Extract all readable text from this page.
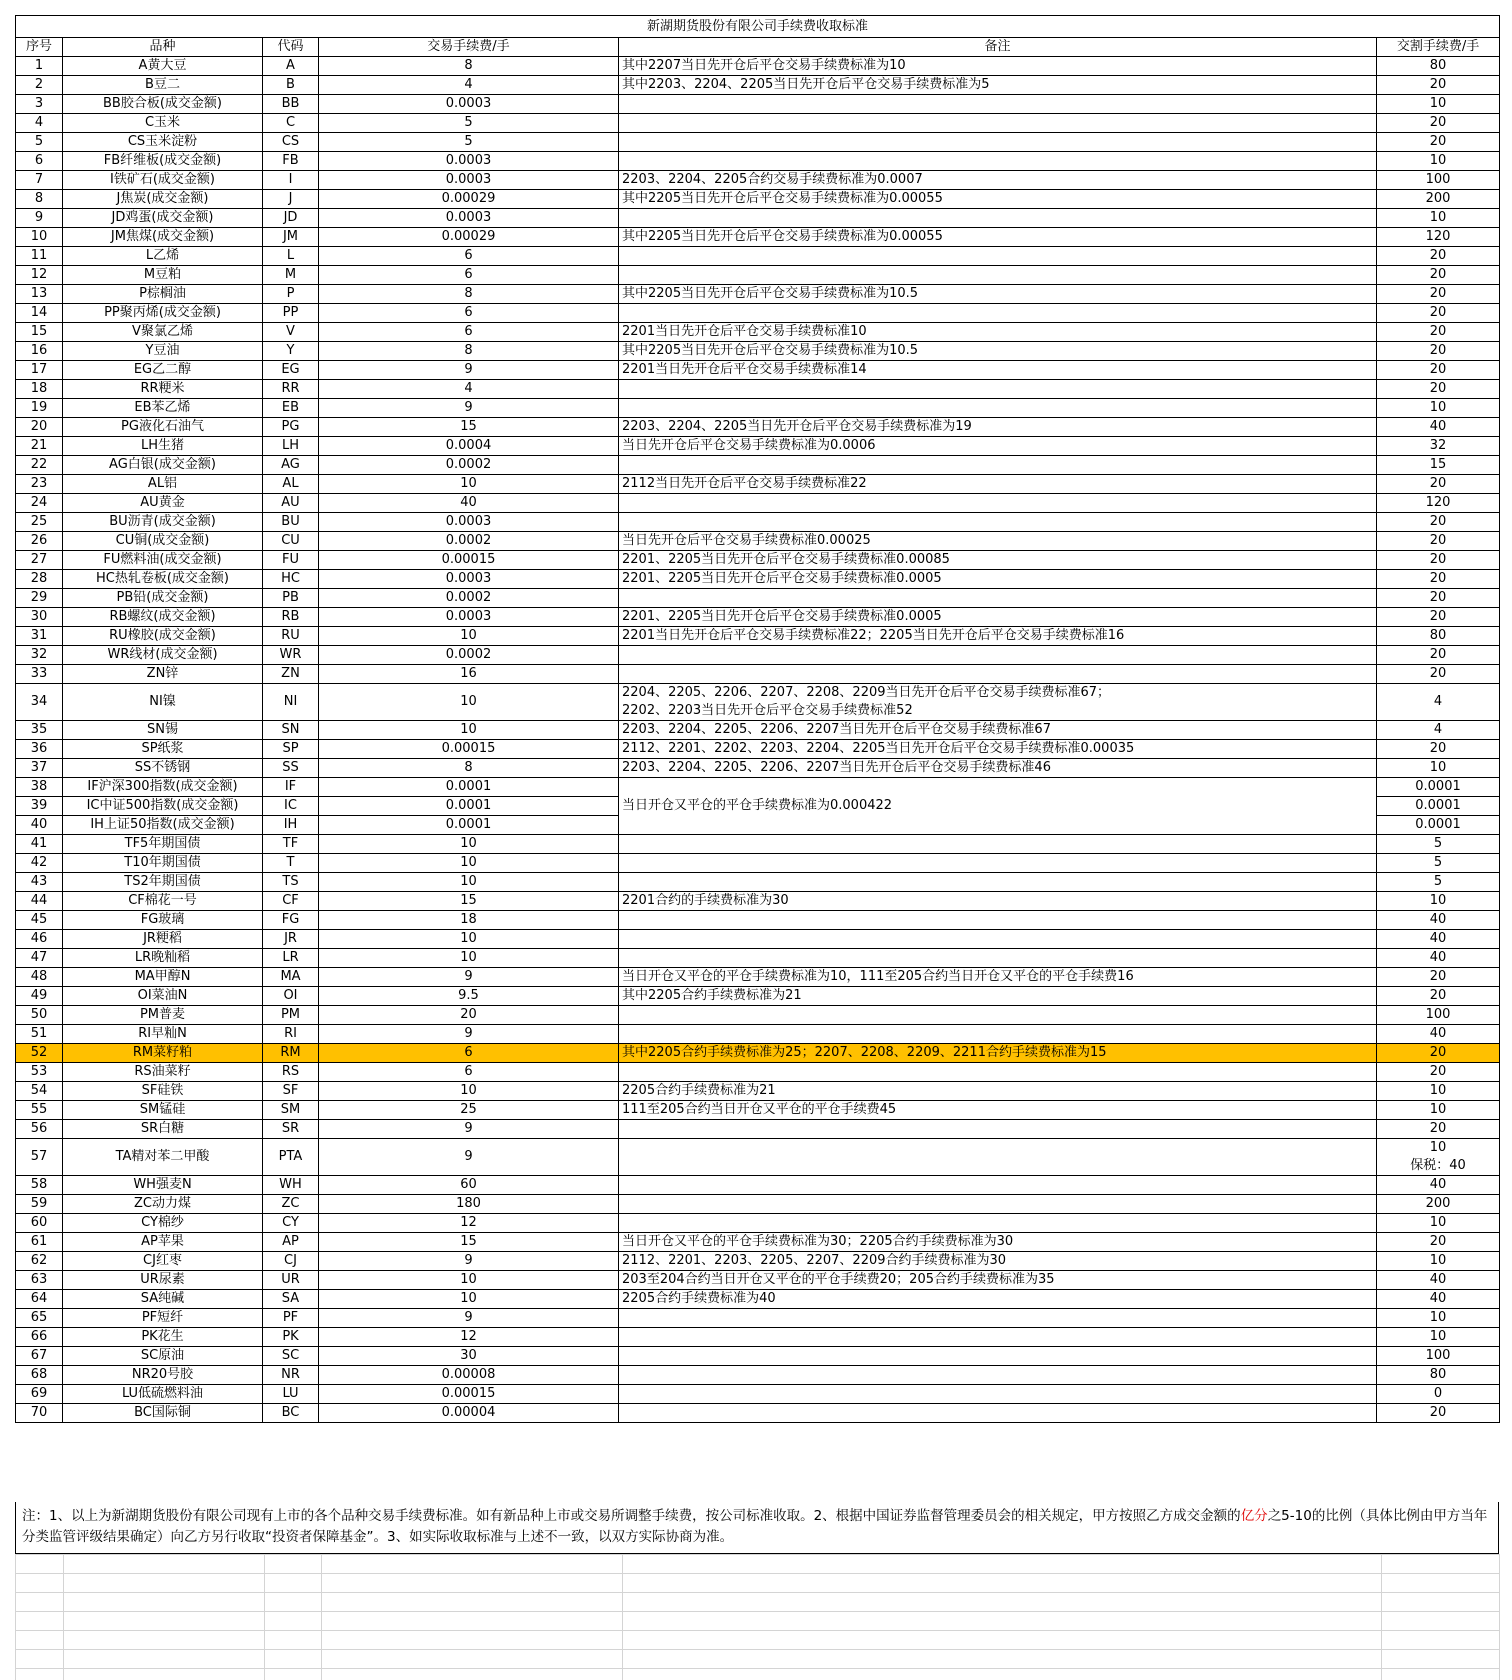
新湖期货股份有限公司手续费收取标准					
序号	品种	代码	交易手续费/手	备注	交割手续费/手
1	A黄大豆	A	8	其中2207当日先开仓后平仓交易手续费标准为10	80
2	B豆二	B	4	其中2203、2204、2205当日先开仓后平仓交易手续费标准为5	20
3	BB胶合板(成交金额)	BB	0.0003		10
4	C玉米	C	5		20
5	CS玉米淀粉	CS	5		20
6	FB纤维板(成交金额)	FB	0.0003		10
7	I铁矿石(成交金额)	I	0.0003	2203、2204、2205合约交易手续费标准为0.0007	100
8	J焦炭(成交金额)	J	0.00029	其中2205当日先开仓后平仓交易手续费标准为0.00055	200
9	JD鸡蛋(成交金额)	JD	0.0003		10
10	JM焦煤(成交金额)	JM	0.00029	其中2205当日先开仓后平仓交易手续费标准为0.00055	120
11	L乙烯	L	6		20
12	M豆粕	M	6		20
13	P棕榈油	P	8	其中2205当日先开仓后平仓交易手续费标准为10.5	20
14	PP聚丙烯(成交金额)	PP	6		20
15	V聚氯乙烯	V	6	2201当日先开仓后平仓交易手续费标准10	20
16	Y豆油	Y	8	其中2205当日先开仓后平仓交易手续费标准为10.5	20
17	EG乙二醇	EG	9	2201当日先开仓后平仓交易手续费标准14	20
18	RR粳米	RR	4		20
19	EB苯乙烯	EB	9		10
20	PG液化石油气	PG	15	2203、2204、2205当日先开仓后平仓交易手续费标准为19	40
21	LH生猪	LH	0.0004	当日先开仓后平仓交易手续费标准为0.0006	32
22	AG白银(成交金额)	AG	0.0002		15
23	AL铝	AL	10	2112当日先开仓后平仓交易手续费标准22	20
24	AU黄金	AU	40		120
25	BU沥青(成交金额)	BU	0.0003		20
26	CU铜(成交金额)	CU	0.0002	当日先开仓后平仓交易手续费标准0.00025	20
27	FU燃料油(成交金额)	FU	0.00015	2201、2205当日先开仓后平仓交易手续费标准0.00085	20
28	HC热轧卷板(成交金额)	HC	0.0003	2201、2205当日先开仓后平仓交易手续费标准0.0005	20
29	PB铅(成交金额)	PB	0.0002		20
30	RB螺纹(成交金额)	RB	0.0003	2201、2205当日先开仓后平仓交易手续费标准0.0005	20
31	RU橡胶(成交金额)	RU	10	2201当日先开仓后平仓交易手续费标准22；2205当日先开仓后平仓交易手续费标准16	80
32	WR线材(成交金额)	WR	0.0002		20
33	ZN锌	ZN	16		20
34	NI镍	NI	10	2204、2205、2206、2207、2208、2209当日先开仓后平仓交易手续费标准67；
2202、2203当日先开仓后平仓交易手续费标准52	4
35	SN锡	SN	10	2203、2204、2205、2206、2207当日先开仓后平仓交易手续费标准67	4
36	SP纸浆	SP	0.00015	2112、2201、2202、2203、2204、2205当日先开仓后平仓交易手续费标准0.00035	20
37	SS不锈钢	SS	8	2203、2204、2205、2206、2207当日先开仓后平仓交易手续费标准46	10
38	IF沪深300指数(成交金额)	IF	0.0001	当日开仓又平仓的平仓手续费标准为0.000422	0.0001
39	IC中证500指数(成交金额)	IC	0.0001		0.0001
40	IH上证50指数(成交金额)	IH	0.0001		0.0001
41	TF5年期国债	TF	10		5
42	T10年期国债	T	10		5
43	TS2年期国债	TS	10		5
44	CF棉花一号	CF	15	2201合约的手续费标准为30	10
45	FG玻璃	FG	18		40
46	JR粳稻	JR	10		40
47	LR晚籼稻	LR	10		40
48	MA甲醇N	MA	9	当日开仓又平仓的平仓手续费标准为10，111至205合约当日开仓又平仓的平仓手续费16	20
49	OI菜油N	OI	9.5	其中2205合约手续费标准为21	20
50	PM普麦	PM	20		100
51	RI早籼N	RI	9		40
52	RM菜籽粕	RM	6	其中2205合约手续费标准为25；2207、2208、2209、2211合约手续费标准为15	20
53	RS油菜籽	RS	6		20
54	SF硅铁	SF	10	2205合约手续费标准为21	10
55	SM锰硅	SM	25	111至205合约当日开仓又平仓的平仓手续费45	10
56	SR白糖	SR	9		20
57	TA精对苯二甲酸	PTA	9		10
保税：40
58	WH强麦N	WH	60		40
59	ZC动力煤	ZC	180		200
60	CY棉纱	CY	12		10
61	AP苹果	AP	15	当日开仓又平仓的平仓手续费标准为30；2205合约手续费标准为30	20
62	CJ红枣	CJ	9	2112、2201、2203、2205、2207、2209合约手续费标准为30	10
63	UR尿素	UR	10	203至204合约当日开仓又平仓的平仓手续费20；205合约手续费标准为35	40
64	SA纯碱	SA	10	2205合约手续费标准为40	40
65	PF短纤	PF	9		10
66	PK花生	PK	12		10
67	SC原油	SC	30		100
68	NR20号胶	NR	0.00008		80
69	LU低硫燃料油	LU	0.00015		0
70	BC国际铜	BC	0.00004		20
注：1、以上为新湖期货股份有限公司现有上市的各个品种交易手续费标准。如有新品种上市或交易所调整手续费，按公司标准收取。2、根据中国证券监督管理委员会的相关规定，甲方按照乙方成交金额的亿分之5-10的比例（具体比例由甲方当年分类监管评级结果确定）向乙方另行收取“投资者保障基金”。3、如实际收取标准与上述不一致，以双方实际协商为准。
